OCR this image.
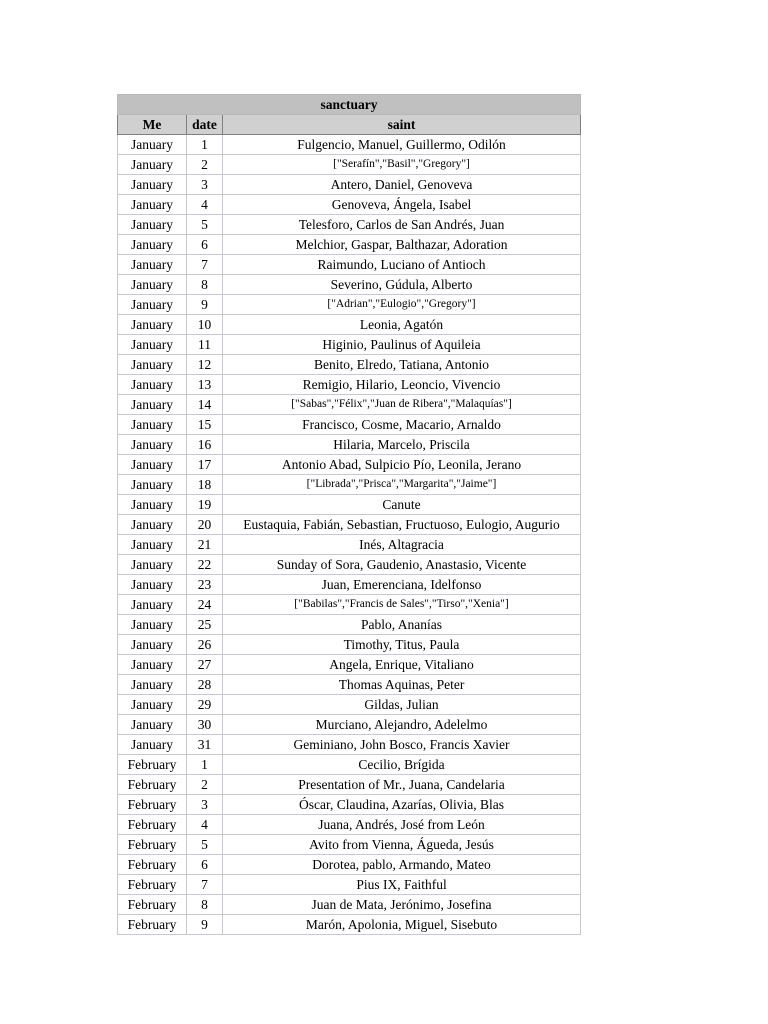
sanctuary		
Me	date	saint
January	1	Fulgencio, Manuel, Guillermo, Odilón
January	2	["Serafín","Basil","Gregory"]
January	3	Antero, Daniel, Genoveva
January	4	Genoveva, Ángela, Isabel
January	5	Telesforo, Carlos de San Andrés, Juan
January	6	Melchior, Gaspar, Balthazar, Adoration
January	7	Raimundo, Luciano of Antioch
January	8	Severino, Gúdula, Alberto
January	9	["Adrian","Eulogio","Gregory"]
January	10	Leonia, Agatón
January	11	Higinio, Paulinus of Aquileia
January	12	Benito, Elredo, Tatiana, Antonio
January	13	Remigio, Hilario, Leoncio, Vivencio
January	14	["Sabas","Félix","Juan de Ribera","Malaquías"]
January	15	Francisco, Cosme, Macario, Arnaldo
January	16	Hilaria, Marcelo, Priscila
January	17	Antonio Abad, Sulpicio Pío, Leonila, Jerano
January	18	["Librada","Prisca","Margarita","Jaime"]
January	19	Canute
January	20	Eustaquia, Fabián, Sebastian, Fructuoso, Eulogio, Augurio
January	21	Inés, Altagracia
January	22	Sunday of Sora, Gaudenio, Anastasio, Vicente
January	23	Juan, Emerenciana, Idelfonso
January	24	["Babilas","Francis de Sales","Tirso","Xenia"]
January	25	Pablo, Ananías
January	26	Timothy, Titus, Paula
January	27	Angela, Enrique, Vitaliano
January	28	Thomas Aquinas, Peter
January	29	Gildas, Julian
January	30	Murciano, Alejandro, Adelelmo
January	31	Geminiano, John Bosco, Francis Xavier
February	1	Cecilio, Brígida
February	2	Presentation of Mr., Juana, Candelaria
February	3	Óscar, Claudina, Azarías, Olivia, Blas
February	4	Juana, Andrés, José from León
February	5	Avito from Vienna, Águeda, Jesús
February	6	Dorotea, pablo, Armando, Mateo
February	7	Pius IX, Faithful
February	8	Juan de Mata, Jerónimo, Josefina
February	9	Marón, Apolonia, Miguel, Sisebuto
